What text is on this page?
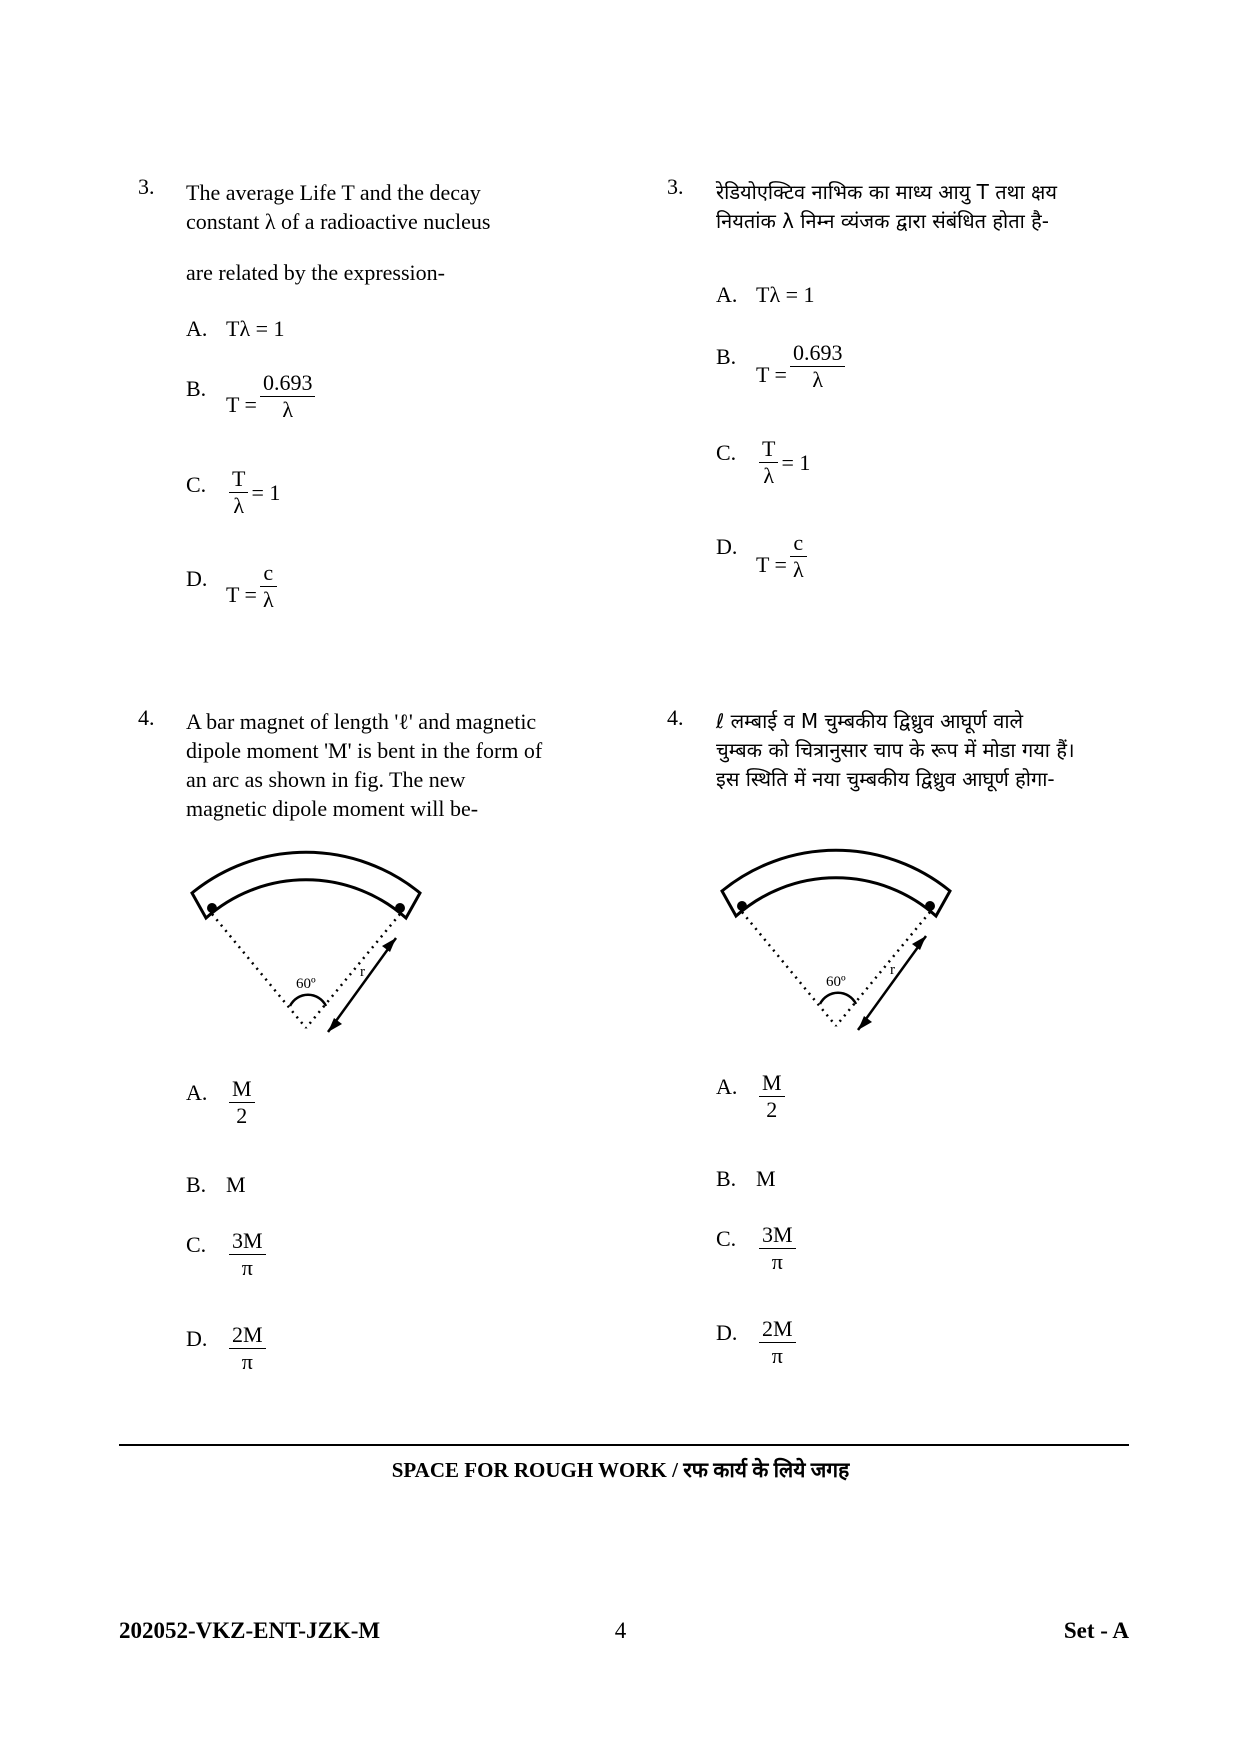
3. The average Life T and the decay
constant λ of a radioactive nucleus
are related by the expression-
A. Tλ = 1
B.
$T = \frac{0.693}{\lambda}$
C.	$\frac{T}{\lambda} = 1$
D.
$T = \frac{c}{\lambda}$
4. A bar magnet of length 'ℓ' and magnetic
dipole moment 'M' is bent in the form of
an arc as shown in fig. The new
magnetic dipole moment will be-
60º
r
A. $\frac{M}{2}$
B. M
C.	$\frac{3M}{\pi}$
D. $\frac{2M}{\pi}$
3. रेडियोएक्टिव नाभिक का माध्य आयु T तथा क्षय
नियतांक λ निम्न व्यंजक द्वारा संबंधित होता है-
A. Tλ = 1
B.
$T = \frac{0.693}{\lambda}$
C.	$\frac{T}{\lambda} = 1$
D.
$T = \frac{c}{\lambda}$
4. ℓ लम्बाई व M चुम्बकीय द्विध्रुव आघूर्ण वाले
चुम्बक को चित्रानुसार चाप के रूप में मोडा गया हैं।
इस स्थिति में नया चुम्बकीय द्विध्रुव आघूर्ण होगा-
60º
r
A. $\frac{M}{2}$
B. M
C.	$\frac{3M}{\pi}$
D. $\frac{2M}{\pi}$
SPACE FOR ROUGH WORK / रफ कार्य के लिये जगह
202052-VKZ-ENT-JZK-M	4	Set - A
